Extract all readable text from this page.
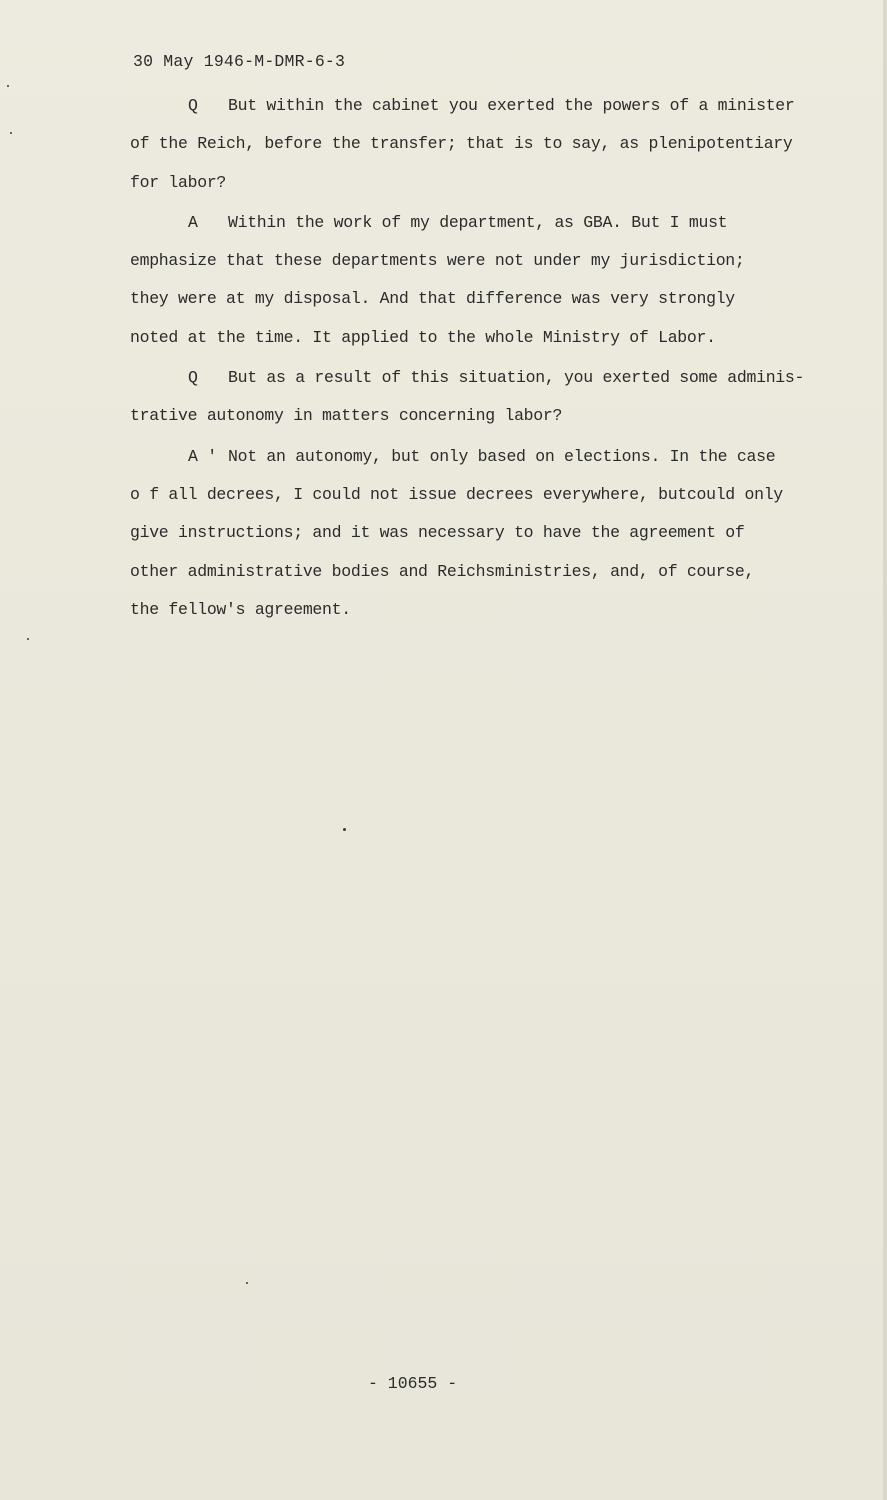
30 May 1946-M-DMR-6-3
Q But within the cabinet you exerted the powers of a minister
of the Reich, before the transfer; that is to say, as plenipotentiary
for labor?
A Within the work of my department, as GBA. But I must
emphasize that these departments were not under my jurisdiction;
they were at my disposal. And that difference was very strongly
noted at the time. It applied to the whole Ministry of Labor.
Q But as a result of this situation, you exerted some adminis-
trative autonomy in matters concerning labor?
A ' Not an autonomy, but only based on elections. In the case
o f all decrees, I could not issue decrees everywhere, butcould only
give instructions; and it was necessary to have the agreement of
other administrative bodies and Reichsministries, and, of course,
the fellow's agreement.
- 10655 -
